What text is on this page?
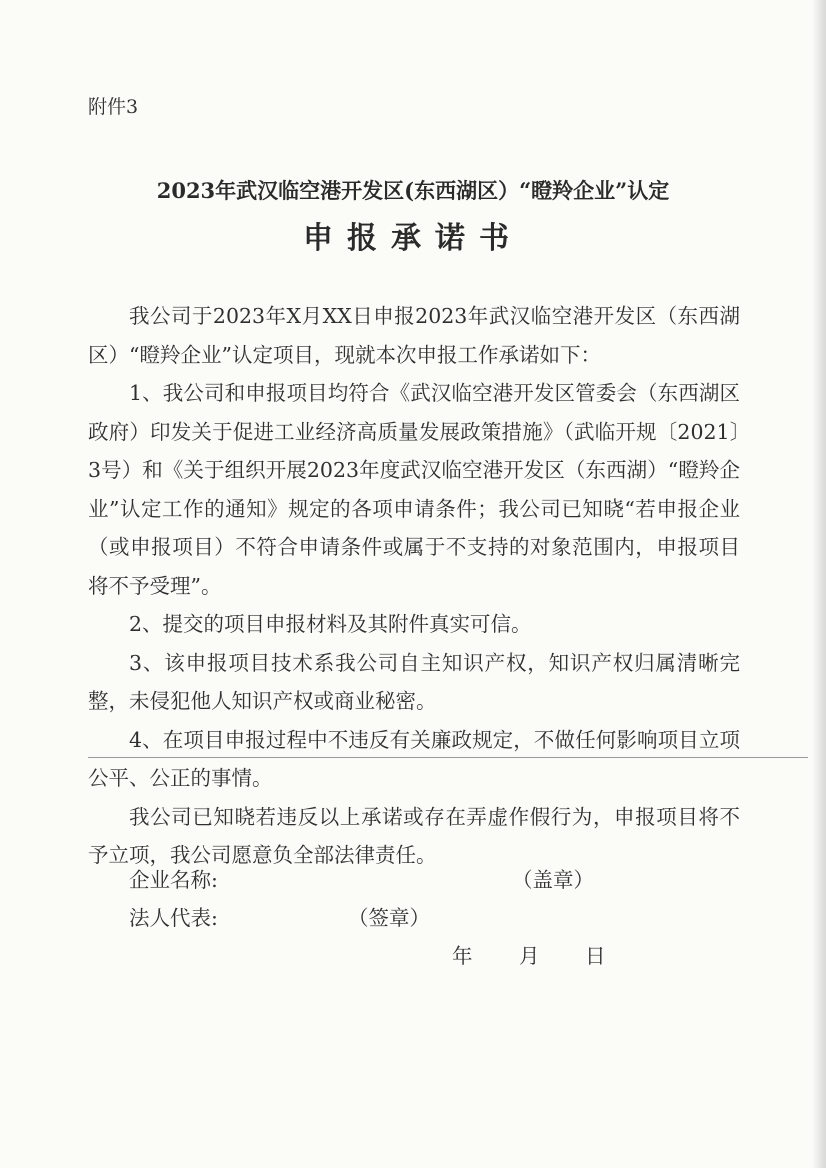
附件3
2023年武汉临空港开发区(东西湖区）“瞪羚企业”认定
申报承诺书

我公司于2023年X月XX日申报2023年武汉临空港开发区（东西湖区）“瞪羚企业”认定项目，现就本次申报工作承诺如下：

1、我公司和申报项目均符合《武汉临空港开发区管委会（东西湖区政府）印发关于促进工业经济高质量发展政策措施》（武临开规〔2021〕3号）和《关于组织开展2023年度武汉临空港开发区（东西湖）“瞪羚企业”认定工作的通知》规定的各项申请条件；我公司已知晓“若申报企业（或申报项目）不符合申请条件或属于不支持的对象范围内，申报项目将不予受理”。

2、提交的项目申报材料及其附件真实可信。

3、该申报项目技术系我公司自主知识产权，知识产权归属清晰完整，未侵犯他人知识产权或商业秘密。

4、在项目申报过程中不违反有关廉政规定，不做任何影响项目立项公平、公正的事情。

我公司已知晓若违反以上承诺或存在弄虚作假行为，申报项目将不予立项，我公司愿意负全部法律责任。

企业名称:	（盖章）
法人代表:	（签章）
年 月 日
